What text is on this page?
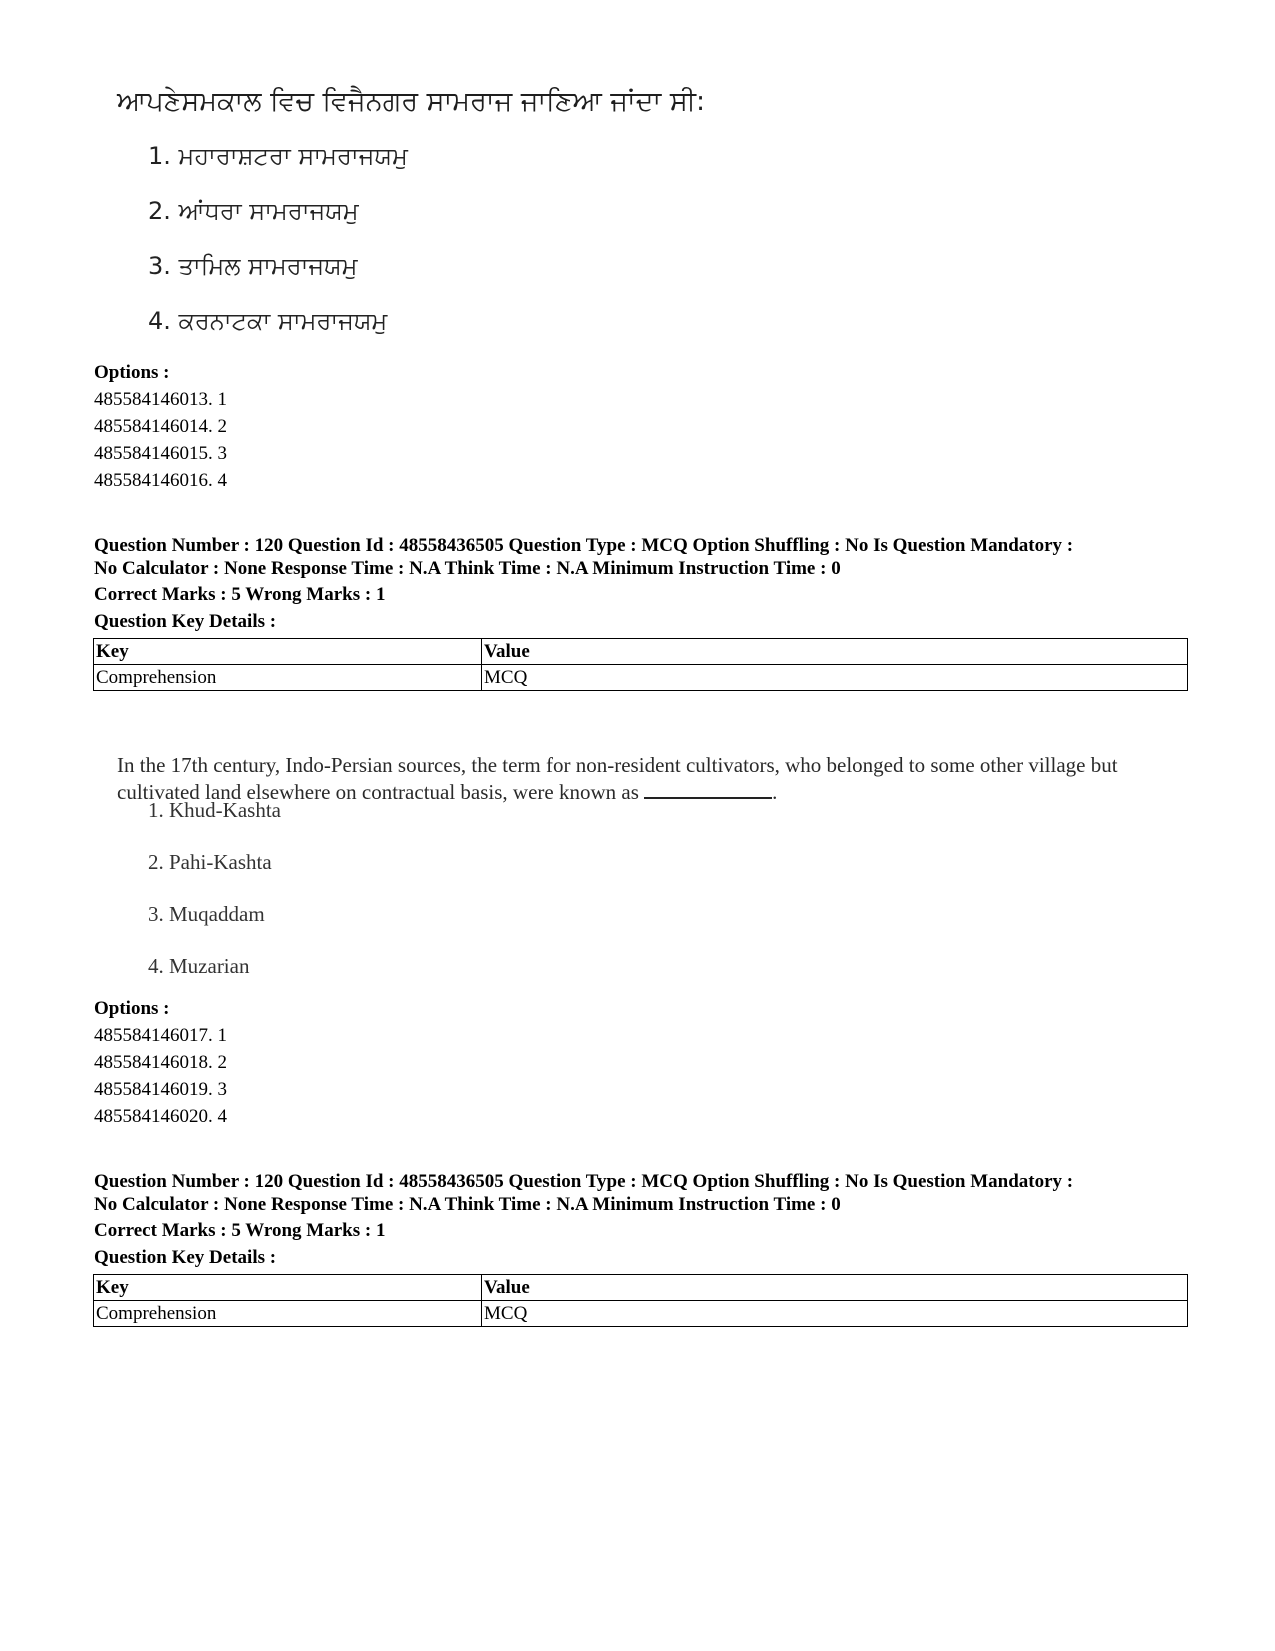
ਆਪਣੇਸਮਕਾਲ ਵਿਚ ਵਿਜੈਨਗਰ ਸਾਮਰਾਜ ਜਾਣਿਆ ਜਾਂਦਾ ਸੀ:
1. ਮਹਾਰਾਸ਼ਟਰਾ ਸਾਮਰਾਜਯਮੁ
2. ਆਂਧਰਾ ਸਾਮਰਾਜਯਮੁ
3. ਤਾਮਿਲ ਸਾਮਰਾਜਯਮੁ
4. ਕਰਨਾਟਕਾ ਸਾਮਰਾਜਯਮੁ
Options :
485584146013. 1
485584146014. 2
485584146015. 3
485584146016. 4
Question Number : 120 Question Id : 48558436505 Question Type : MCQ Option Shuffling : No Is Question Mandatory :
No Calculator : None Response Time : N.A Think Time : N.A Minimum Instruction Time : 0
Correct Marks : 5 Wrong Marks : 1
Question Key Details :
Key	Value
Comprehension	MCQ
In the 17th century, Indo-Persian sources, the term for non-resident cultivators, who belonged to some other village but cultivated land elsewhere on contractual basis, were known as	.
1. Khud-Kashta
2. Pahi-Kashta
3. Muqaddam
4. Muzarian
Options :
485584146017. 1
485584146018. 2
485584146019. 3
485584146020. 4
Question Number : 120 Question Id : 48558436505 Question Type : MCQ Option Shuffling : No Is Question Mandatory :
No Calculator : None Response Time : N.A Think Time : N.A Minimum Instruction Time : 0
Correct Marks : 5 Wrong Marks : 1
Question Key Details :
Key	Value
Comprehension	MCQ
